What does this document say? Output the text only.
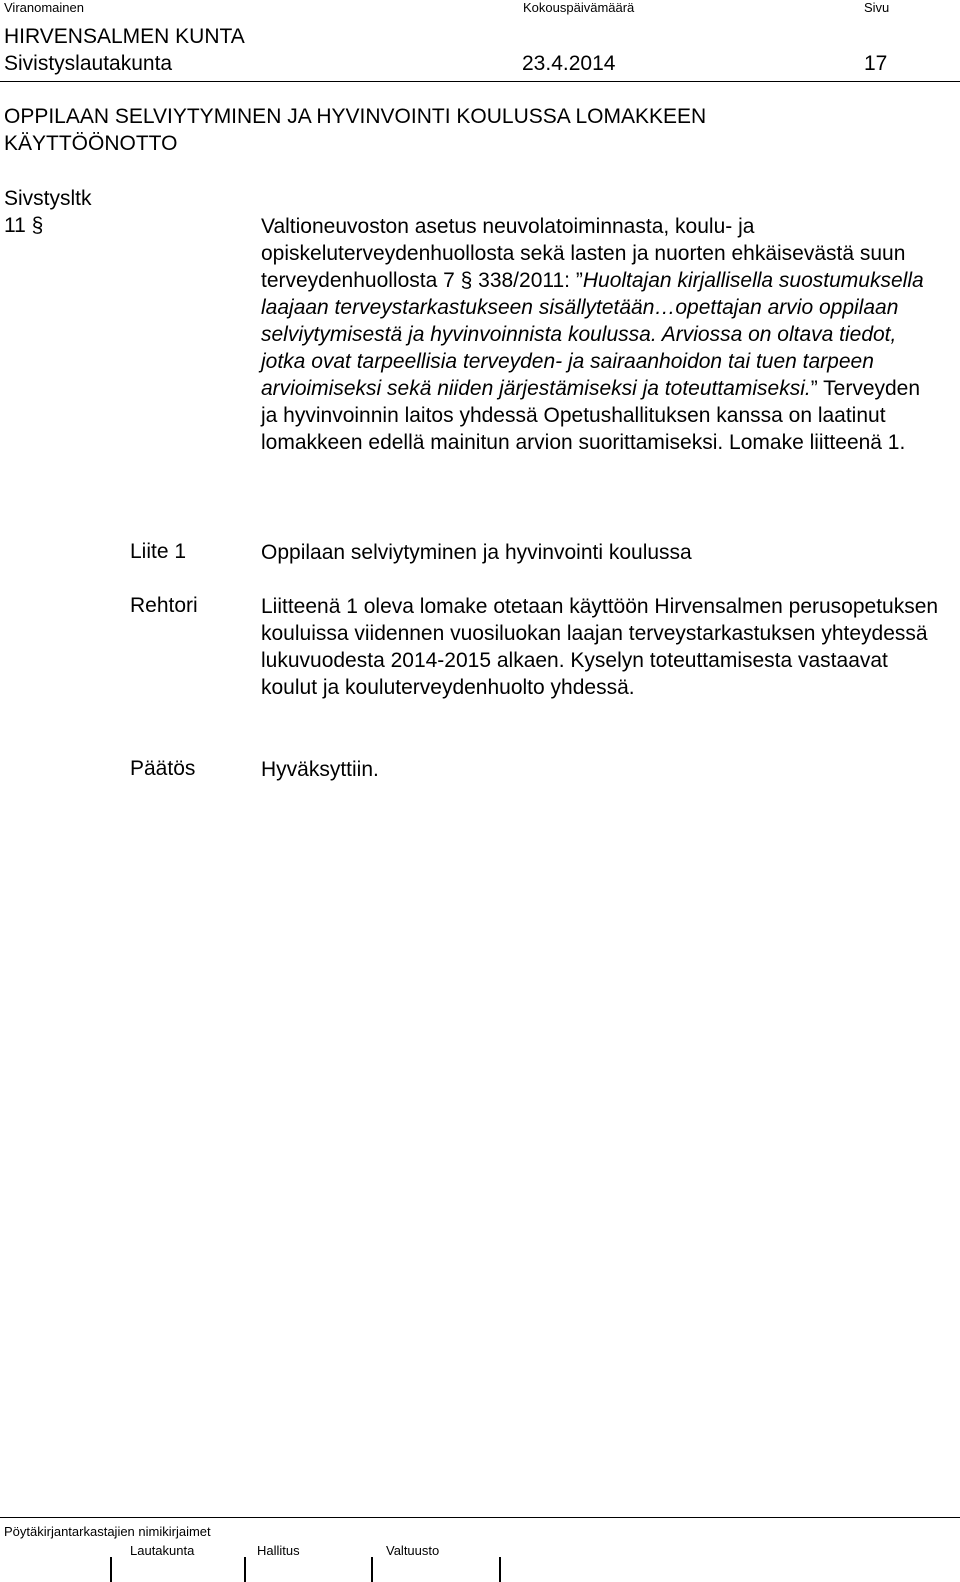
Viranomainen	Kokouspäivämäärä	Sivu
HIRVENSALMEN KUNTA
Sivistyslautakunta	23.4.2014	17
OPPILAAN SELVIYTYMINEN JA HYVINVOINTI KOULUSSA LOMAKKEEN
KÄYTTÖÖNOTTO
Sivstysltk
11 §	Valtioneuvoston asetus neuvolatoiminnasta, koulu- ja opiskeluterveydenhuollosta sekä lasten ja nuorten ehkäisevästä suun terveydenhuollosta 7 § 338/2011: ”Huoltajan kirjallisella suostumuksella laajaan terveystarkastukseen sisällytetään…opettajan arvio oppilaan selviytymisestä ja hyvinvoinnista koulussa. Arviossa on oltava tiedot, jotka ovat tarpeellisia terveyden- ja sairaanhoidon tai tuen tarpeen arvioimiseksi sekä niiden järjestämiseksi ja toteuttamiseksi.” Terveyden ja hyvinvoinnin laitos yhdessä Opetushallituksen kanssa on laatinut lomakkeen edellä mainitun arvion suorittamiseksi. Lomake liitteenä 1.

Liite 1	Oppilaan selviytyminen ja hyvinvointi koulussa
Rehtori	Liitteenä 1 oleva lomake otetaan käyttöön Hirvensalmen perusopetuksen kouluissa viidennen vuosiluokan laajan terveystarkastuksen yhteydessä lukuvuodesta 2014-2015 alkaen. Kyselyn toteuttamisesta vastaavat koulut ja kouluterveydenhuolto yhdessä.
Päätös	Hyväksyttiin.
Pöytäkirjantarkastajien nimikirjaimet
Lautakunta	Hallitus	Valtuusto
